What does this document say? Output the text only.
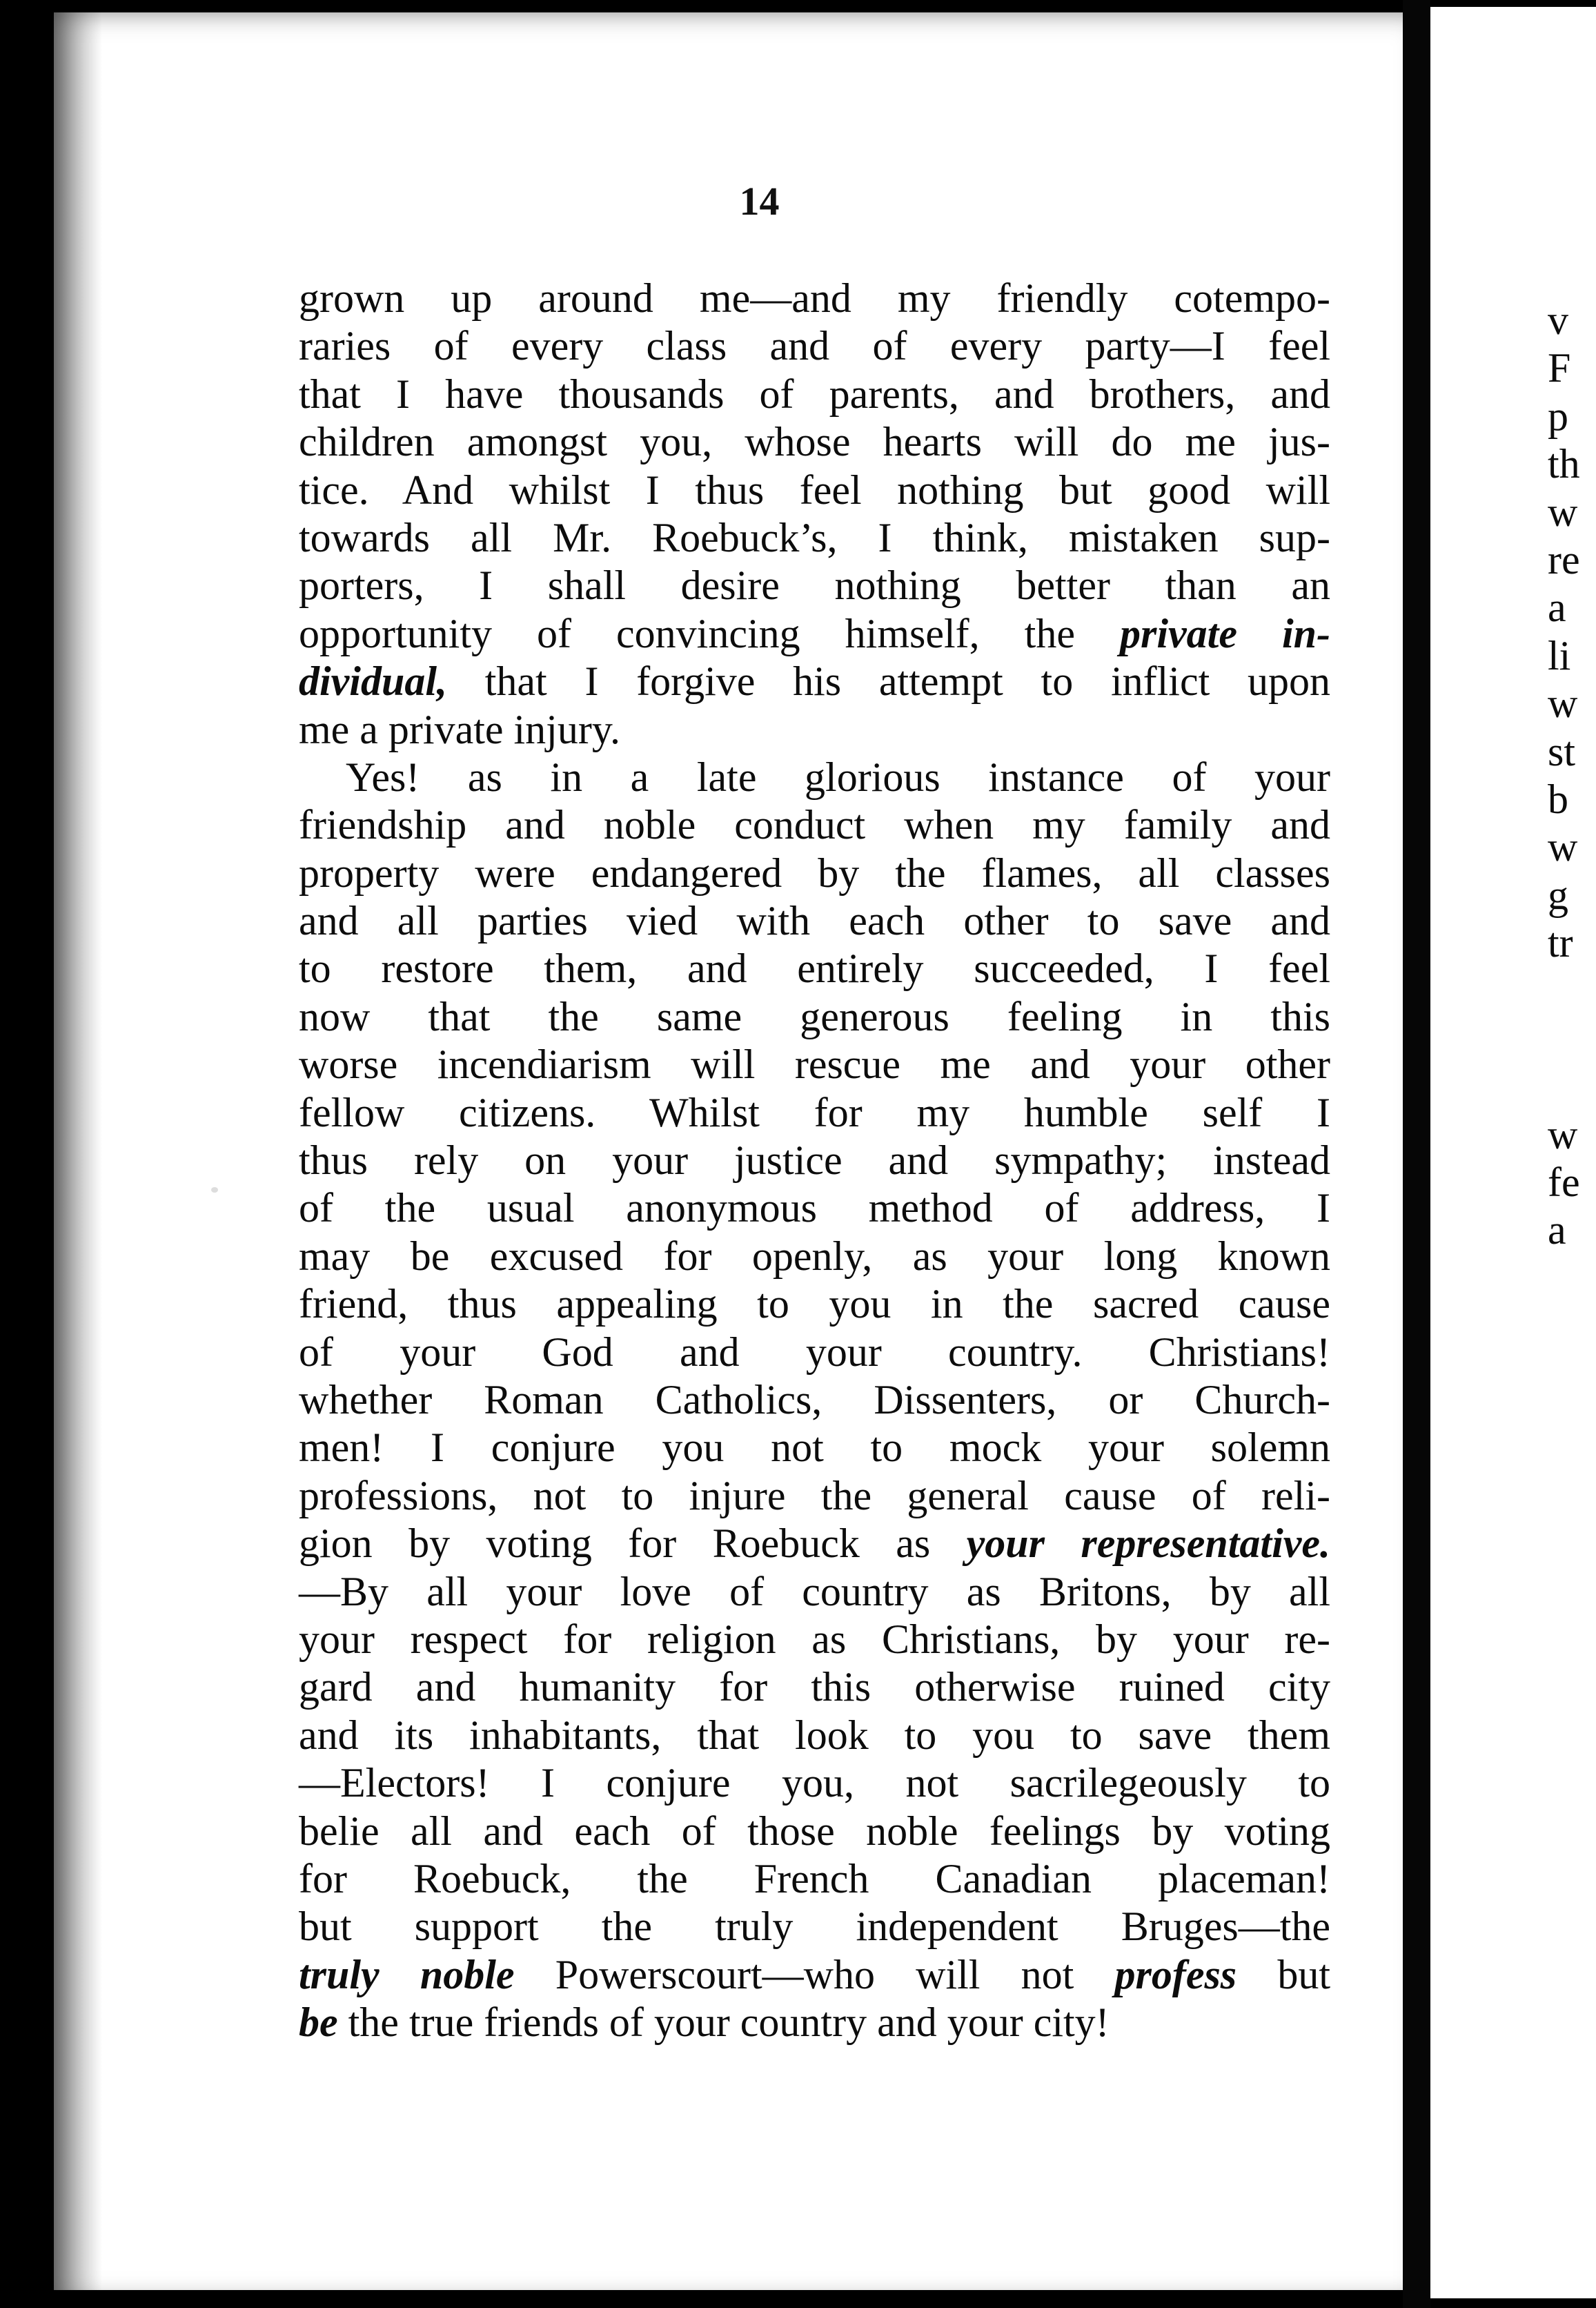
14
grown up around me—and my friendly cotempo-
raries of every class and of every party—I feel
that I have thousands of parents, and brothers, and
children amongst you, whose hearts will do me jus-
tice. And whilst I thus feel nothing but good will
towards all Mr. Roebuck’s, I think, mistaken sup-
porters, I shall desire nothing better than an
opportunity of convincing himself, the private in-
dividual, that I forgive his attempt to inflict upon
me a private injury.
Yes! as in a late glorious instance of your
friendship and noble conduct when my family and
property were endangered by the flames, all classes
and all parties vied with each other to save and
to restore them, and entirely succeeded, I feel
now that the same generous feeling in this
worse incendiarism will rescue me and your other
fellow citizens. Whilst for my humble self I
thus rely on your justice and sympathy; instead
of the usual anonymous method of address, I
may be excused for openly, as your long known
friend, thus appealing to you in the sacred cause
of your God and your country. Christians!
whether Roman Catholics, Dissenters, or Church-
men! I conjure you not to mock your solemn
professions, not to injure the general cause of reli-
gion by voting for Roebuck as your representative.
—By all your love of country as Britons, by all
your respect for religion as Christians, by your re-
gard and humanity for this otherwise ruined city
and its inhabitants, that look to you to save them
—Electors! I conjure you, not sacrilegeously to
belie all and each of those noble feelings by voting
for Roebuck, the French Canadian placeman!
but support the truly independent Bruges—the
truly noble Powerscourt—who will not profess but
be the true friends of your country and your city!
v
F
p
th
w
re
a
li
w
st
b
w
g
tr
w
fe
a
